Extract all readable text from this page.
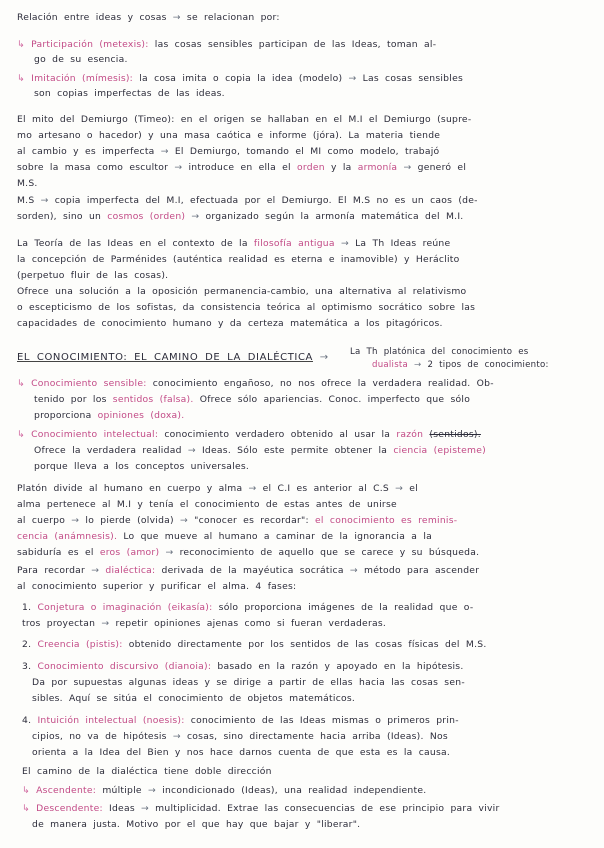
Relación entre ideas y cosas → se relacionan por:
↳ Participación (metexis): las cosas sensibles participan de las Ideas, toman al-
go de su esencia.
↳ Imitación (mímesis): la cosa imita o copia la idea (modelo) → Las cosas sensibles
son copias imperfectas de las ideas.
El mito del Demiurgo (Timeo): en el origen se hallaban en el M.I el Demiurgo (supre-
mo artesano o hacedor) y una masa caótica e informe (jóra). La materia tiende
al cambio y es imperfecta → El Demiurgo, tomando el MI como modelo, trabajó
sobre la masa como escultor → introduce en ella el orden y la armonía → generó el
M.S.
M.S → copia imperfecta del M.I, efectuada por el Demiurgo. El M.S no es un caos (de-
sorden), sino un cosmos (orden) → organizado según la armonía matemática del M.I.
La Teoría de las Ideas en el contexto de la filosofía antigua → La Th Ideas reúne
la concepción de Parménides (auténtica realidad es eterna e inamovible) y Heráclito
(perpetuo fluir de las cosas).
Ofrece una solución a la oposición permanencia-cambio, una alternativa al relativismo
o escepticismo de los sofistas, da consistencia teórica al optimismo socrático sobre las
capacidades de conocimiento humano y da certeza matemática a los pitagóricos.
EL CONOCIMIENTO: EL CAMINO DE LA DIALÉCTICA → La Th platónica del conocimiento es
dualista → 2 tipos de conocimiento:
↳ Conocimiento sensible: conocimiento engañoso, no nos ofrece la verdadera realidad. Ob-
tenido por los sentidos (falsa). Ofrece sólo apariencias. Conoc. imperfecto que sólo
proporciona opiniones (doxa).
↳ Conocimiento intelectual: conocimiento verdadero obtenido al usar la razón (sentidos).
Ofrece la verdadera realidad → Ideas. Sólo este permite obtener la ciencia (episteme)
porque lleva a los conceptos universales.
Platón divide al humano en cuerpo y alma → el C.I es anterior al C.S → el
alma pertenece al M.I y tenía el conocimiento de estas antes de unirse
al cuerpo → lo pierde (olvida) → "conocer es recordar": el conocimiento es reminis-
cencia (anámnesis). Lo que mueve al humano a caminar de la ignorancia a la
sabiduría es el eros (amor) → reconocimiento de aquello que se carece y su búsqueda.
Para recordar → dialéctica: derivada de la mayéutica socrática → método para ascender
al conocimiento superior y purificar el alma. 4 fases:
1. Conjetura o imaginación (eikasía): sólo proporciona imágenes de la realidad que o-
tros proyectan → repetir opiniones ajenas como si fueran verdaderas.
2. Creencia (pistis): obtenido directamente por los sentidos de las cosas físicas del M.S.
3. Conocimiento discursivo (dianoia): basado en la razón y apoyado en la hipótesis.
Da por supuestas algunas ideas y se dirige a partir de ellas hacia las cosas sen-
sibles. Aquí se sitúa el conocimiento de objetos matemáticos.
4. Intuición intelectual (noesis): conocimiento de las Ideas mismas o primeros prin-
cipios, no va de hipótesis → cosas, sino directamente hacia arriba (Ideas). Nos
orienta a la Idea del Bien y nos hace darnos cuenta de que esta es la causa.
El camino de la dialéctica tiene doble dirección
↳ Ascendente: múltiple → incondicionado (Ideas), una realidad independiente.
↳ Descendente: Ideas → multiplicidad. Extrae las consecuencias de ese principio para vivir
de manera justa. Motivo por el que hay que bajar y "liberar".
